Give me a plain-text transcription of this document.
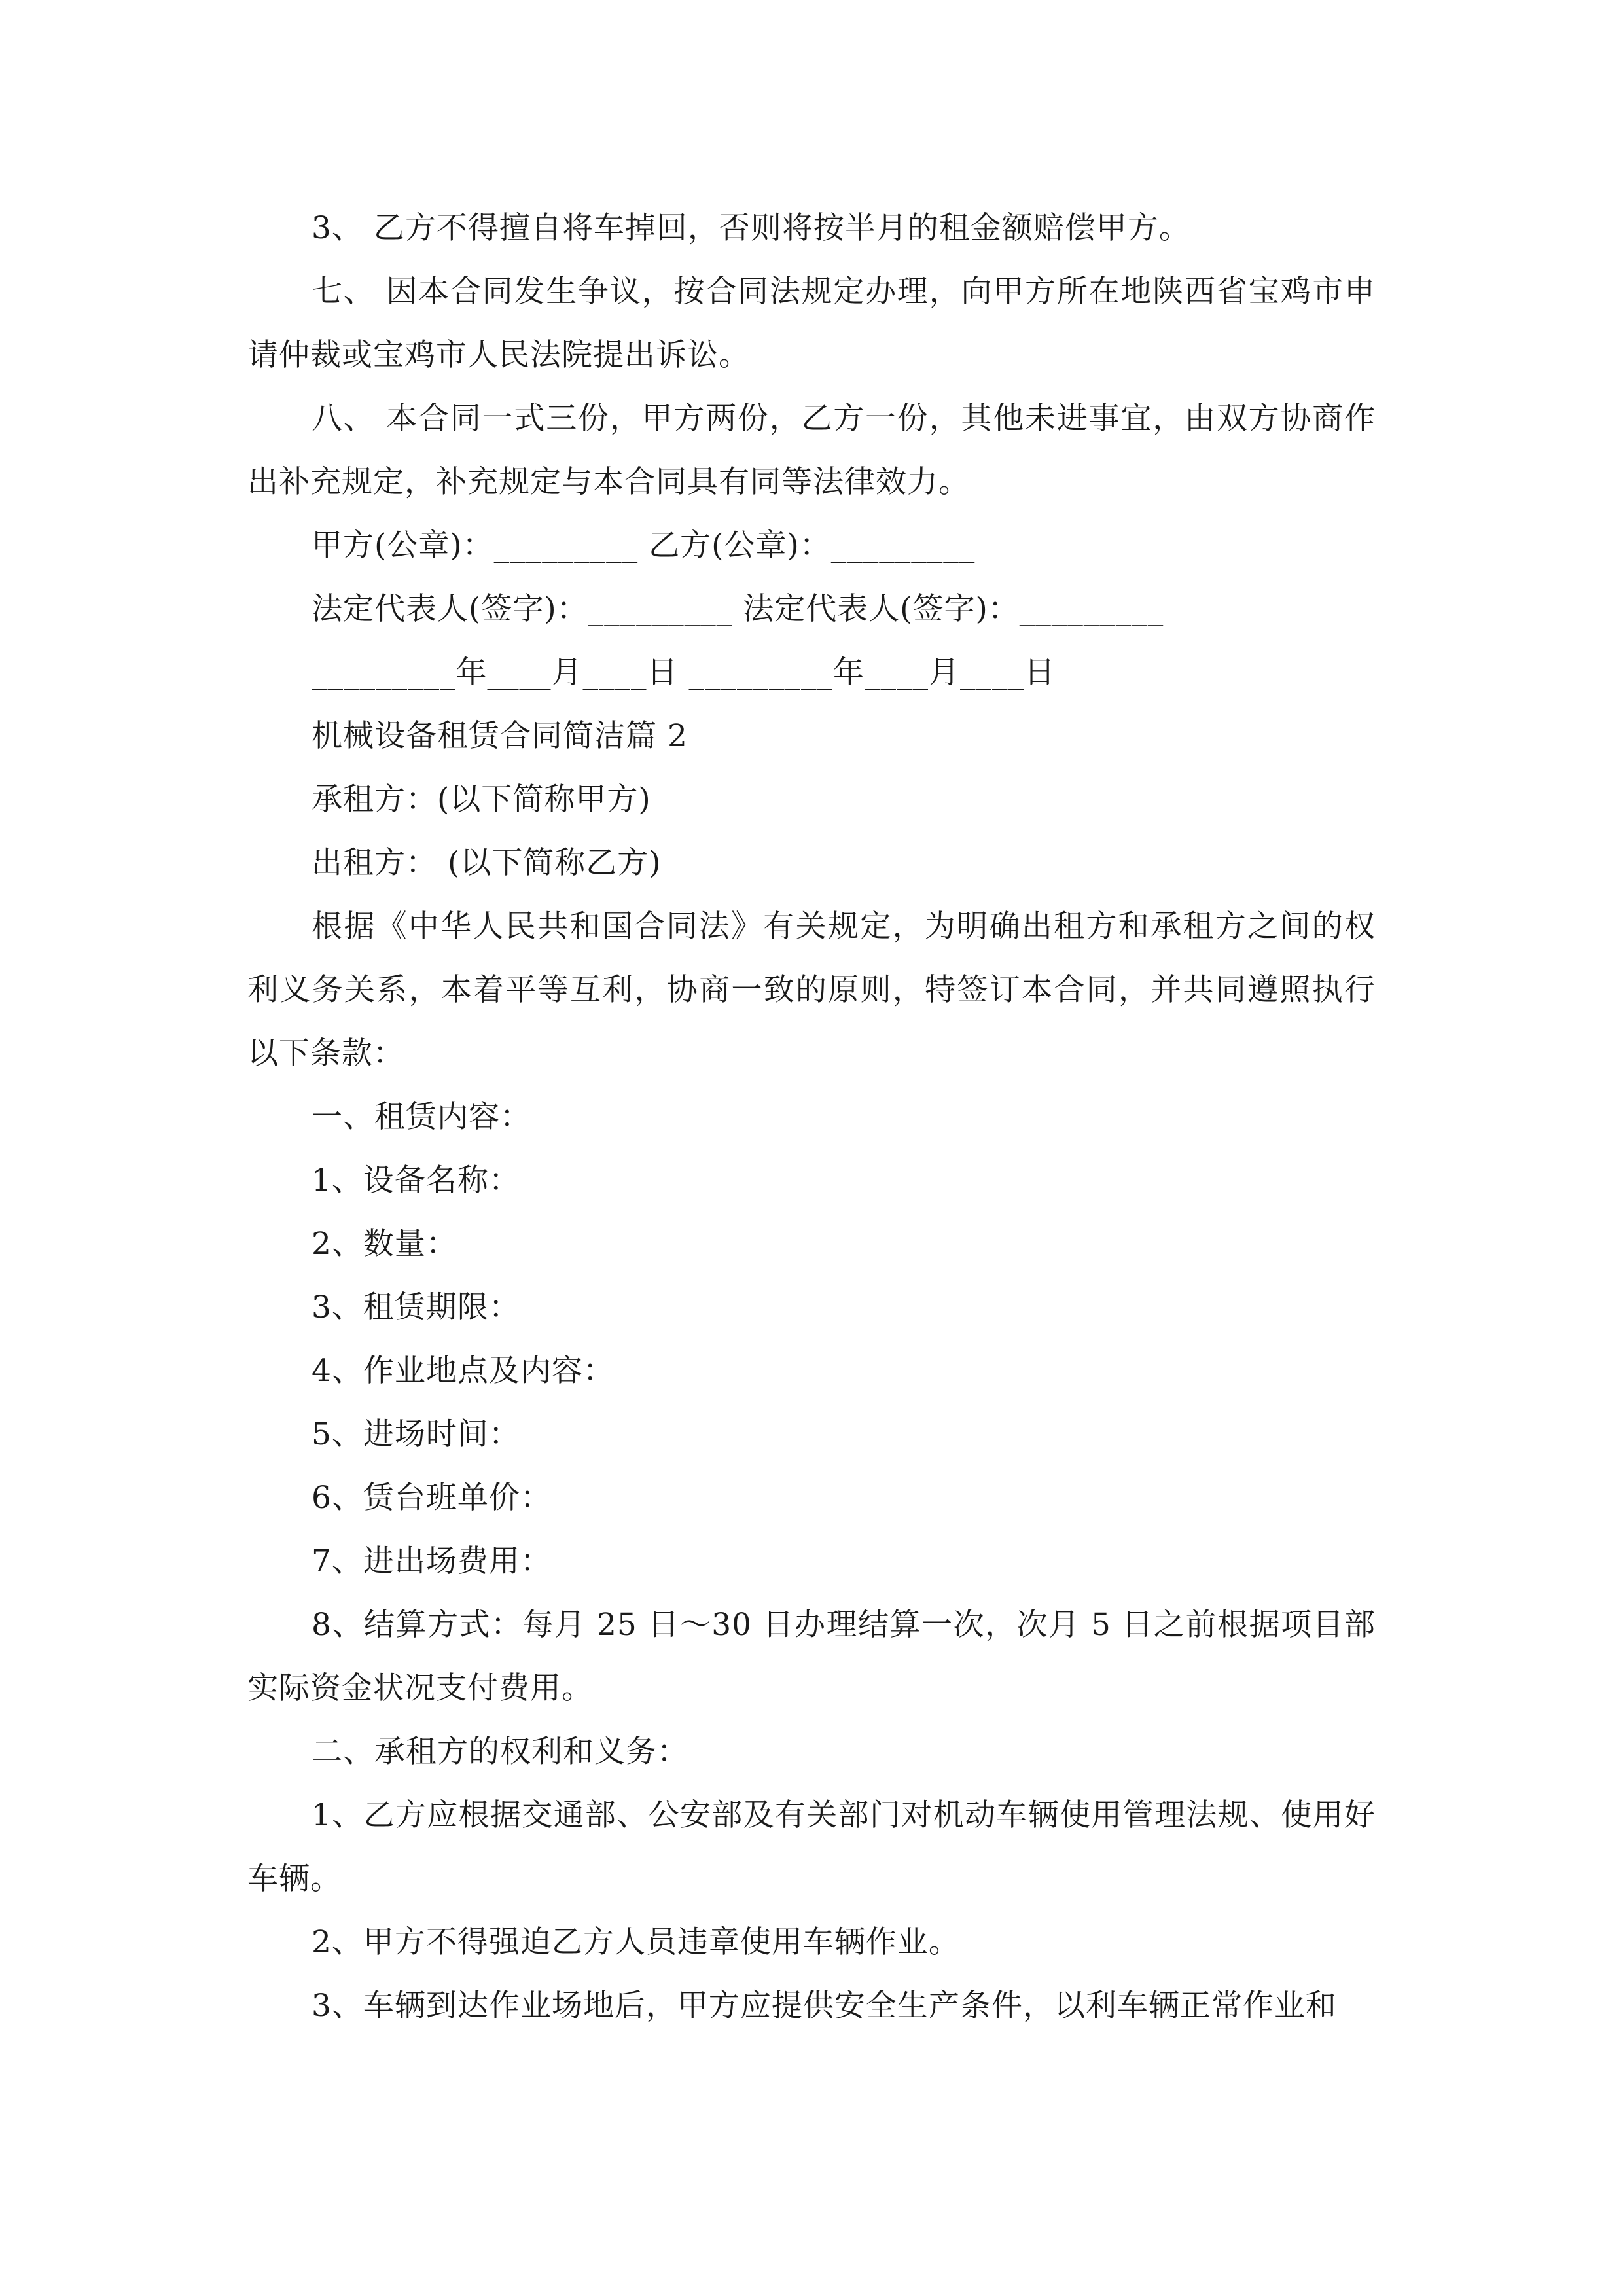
3、 乙方不得擅自将车掉回，否则将按半月的租金额赔偿甲方。

七、 因本合同发生争议，按合同法规定办理，向甲方所在地陕西省宝鸡市申请仲裁或宝鸡市人民法院提出诉讼。

八、 本合同一式三份，甲方两份，乙方一份，其他未进事宜，由双方协商作出补充规定，补充规定与本合同具有同等法律效力。

甲方(公章)：_________ 乙方(公章)：_________

法定代表人(签字)：_________ 法定代表人(签字)：_________

_________年____月____日 _________年____月____日

机械设备租赁合同简洁篇 2

承租方：(以下简称甲方)

出租方： (以下简称乙方)

根据《中华人民共和国合同法》有关规定，为明确出租方和承租方之间的权利义务关系，本着平等互利，协商一致的原则，特签订本合同，并共同遵照执行以下条款：

一、租赁内容：

1、设备名称：

2、数量：

3、租赁期限：

4、作业地点及内容：

5、进场时间：

6、赁台班单价：

7、进出场费用：

8、结算方式：每月 25 日～30 日办理结算一次，次月 5 日之前根据项目部实际资金状况支付费用。

二、承租方的权利和义务：

1、乙方应根据交通部、公安部及有关部门对机动车辆使用管理法规、使用好车辆。

2、甲方不得强迫乙方人员违章使用车辆作业。

3、车辆到达作业场地后，甲方应提供安全生产条件，以利车辆正常作业和
